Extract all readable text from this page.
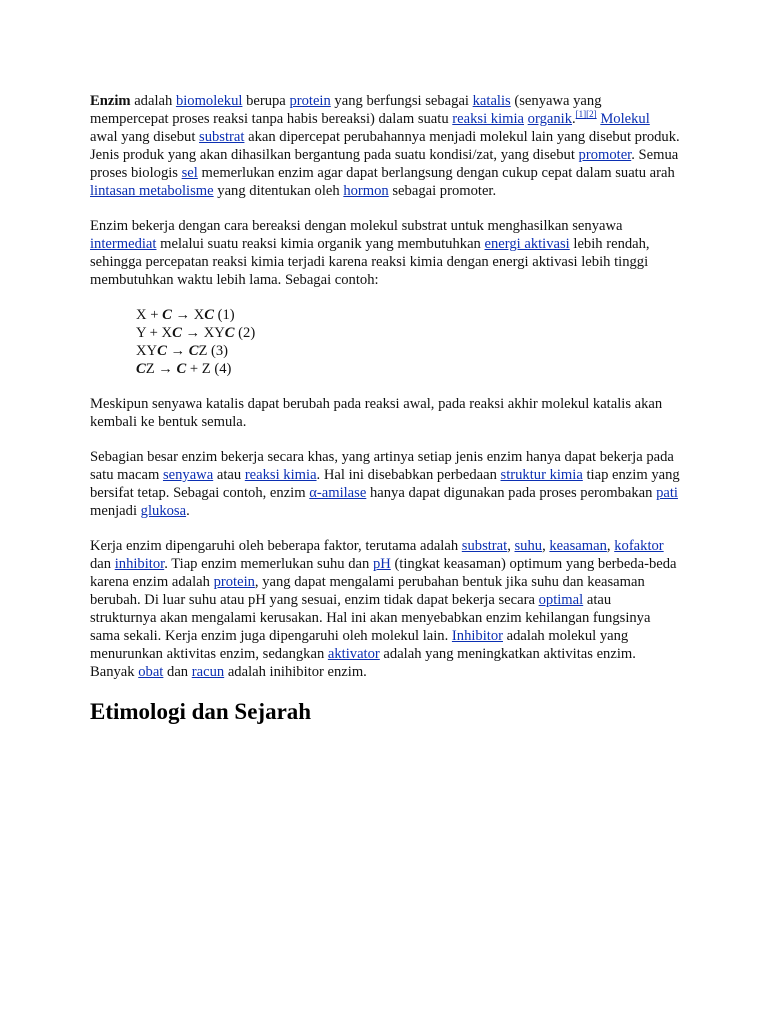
Enzim adalah biomolekul berupa protein yang berfungsi sebagai katalis (senyawa yang mempercepat proses reaksi tanpa habis bereaksi) dalam suatu reaksi kimia organik.[1][2] Molekul awal yang disebut substrat akan dipercepat perubahannya menjadi molekul lain yang disebut produk. Jenis produk yang akan dihasilkan bergantung pada suatu kondisi/zat, yang disebut promoter. Semua proses biologis sel memerlukan enzim agar dapat berlangsung dengan cukup cepat dalam suatu arah lintasan metabolisme yang ditentukan oleh hormon sebagai promoter.

Enzim bekerja dengan cara bereaksi dengan molekul substrat untuk menghasilkan senyawa intermediat melalui suatu reaksi kimia organik yang membutuhkan energi aktivasi lebih rendah, sehingga percepatan reaksi kimia terjadi karena reaksi kimia dengan energi aktivasi lebih tinggi membutuhkan waktu lebih lama. Sebagai contoh:

X + C → XC (1)
Y + XC → XYC (2)
XYC → CZ (3)
CZ → C + Z (4)

Meskipun senyawa katalis dapat berubah pada reaksi awal, pada reaksi akhir molekul katalis akan kembali ke bentuk semula.

Sebagian besar enzim bekerja secara khas, yang artinya setiap jenis enzim hanya dapat bekerja pada satu macam senyawa atau reaksi kimia. Hal ini disebabkan perbedaan struktur kimia tiap enzim yang bersifat tetap. Sebagai contoh, enzim α-amilase hanya dapat digunakan pada proses perombakan pati menjadi glukosa.

Kerja enzim dipengaruhi oleh beberapa faktor, terutama adalah substrat, suhu, keasaman, kofaktor dan inhibitor. Tiap enzim memerlukan suhu dan pH (tingkat keasaman) optimum yang berbeda-beda karena enzim adalah protein, yang dapat mengalami perubahan bentuk jika suhu dan keasaman berubah. Di luar suhu atau pH yang sesuai, enzim tidak dapat bekerja secara optimal atau strukturnya akan mengalami kerusakan. Hal ini akan menyebabkan enzim kehilangan fungsinya sama sekali. Kerja enzim juga dipengaruhi oleh molekul lain. Inhibitor adalah molekul yang menurunkan aktivitas enzim, sedangkan aktivator adalah yang meningkatkan aktivitas enzim. Banyak obat dan racun adalah inihibitor enzim.

Etimologi dan Sejarah
